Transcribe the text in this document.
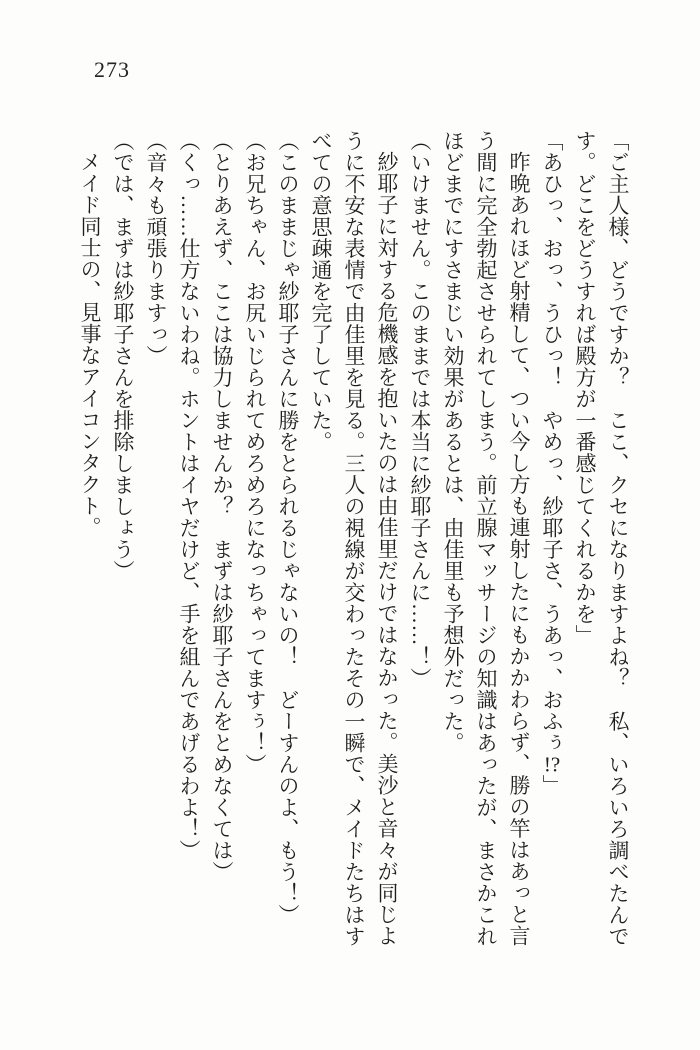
273

「ご主人様、どうですか？　ここ、クセになりますよね？　私、いろいろ調べたんです。どこをどうすれば殿方が一番感じてくれるかを」

「あひっ、おっ、うひっ！　やめっ、紗耶子さ、うあっ、おふぅ!?」

昨晩あれほど射精して、つい今し方も連射したにもかかわらず、勝の竿はあっと言う間に完全勃起させられてしまう。前立腺マッサージの知識はあったが、まさかこれほどまでにすさまじい効果があるとは、由佳里も予想外だった。

（いけません。このままでは本当に紗耶子さんに……！）

紗耶子に対する危機感を抱いたのは由佳里だけではなかった。美沙と音々が同じように不安な表情で由佳里を見る。三人の視線が交わったその一瞬で、メイドたちはすべての意思疎通を完了していた。

（このままじゃ紗耶子さんに勝をとられるじゃないの！　どーすんのよ、もう！）

（お兄ちゃん、お尻いじられてめろめろになっちゃってますぅ！）

（とりあえず、ここは協力しませんか？　まずは紗耶子さんをとめなくては）

（くっ……仕方ないわね。ホントはイヤだけど、手を組んであげるわよ！）

（音々も頑張りますっ）

（では、まずは紗耶子さんを排除しましょう）

メイド同士の、見事なアイコンタクト。
